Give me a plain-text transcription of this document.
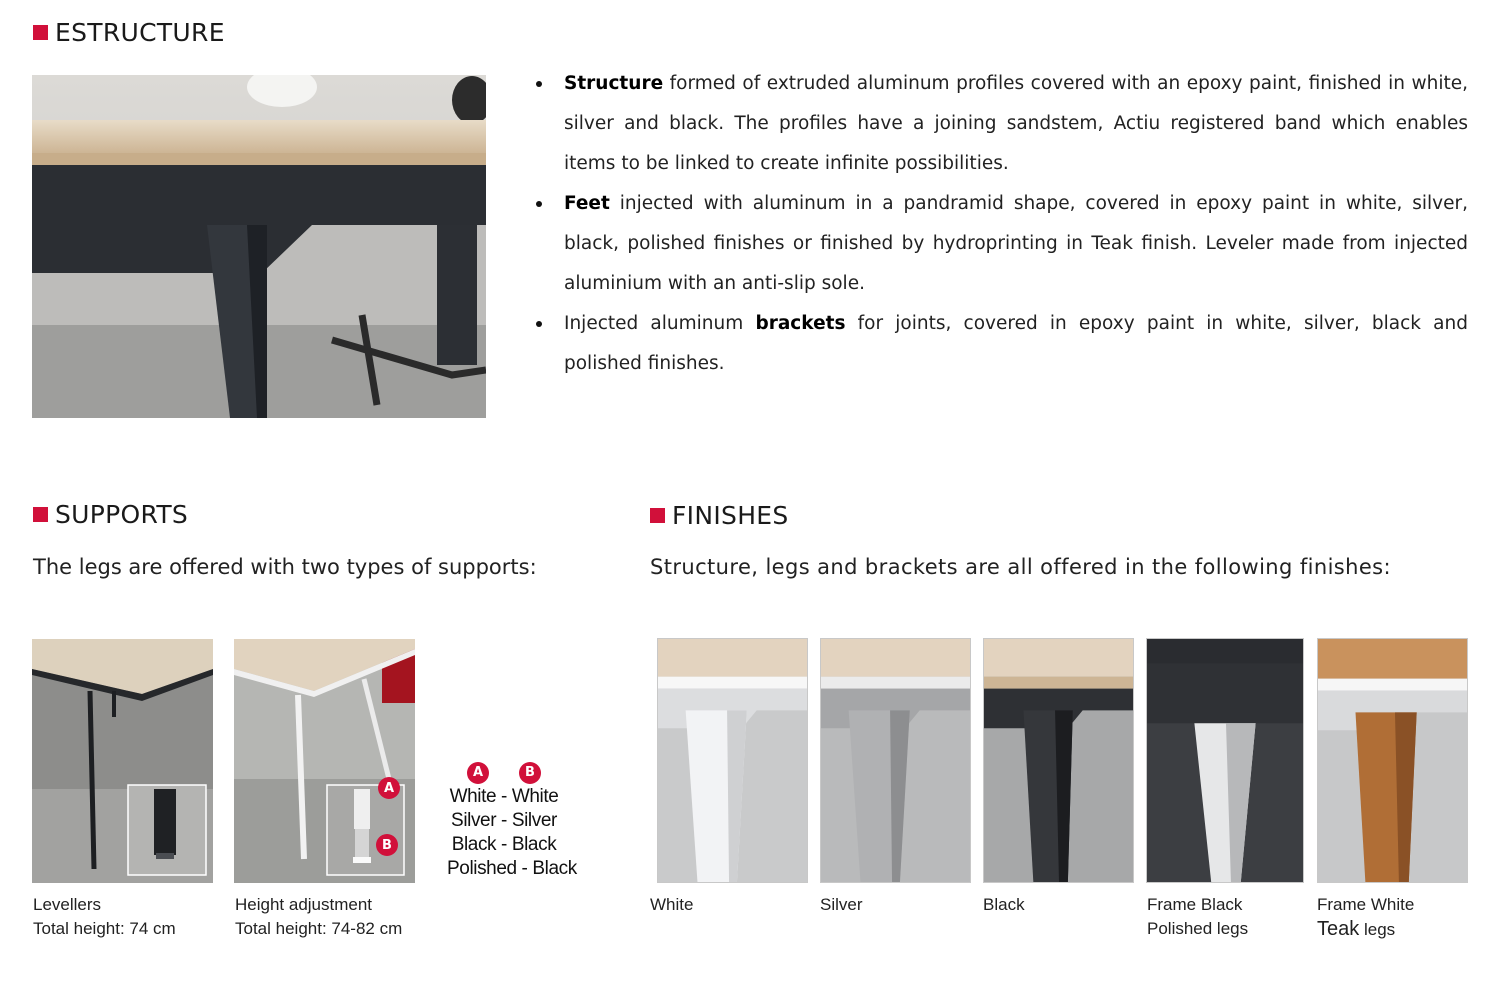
ESTRUCTURE
Structure formed of extruded aluminum profiles covered with an epoxy paint, finished in white, silver and black. The profiles have a joining sandstem, Actiu registered band which enables items to be linked to create infinite possibilities.
Feet injected with aluminum in a pandramid shape, covered in epoxy paint in white, silver, black, polished finishes or finished by hydroprinting in Teak finish. Leveler made from injected aluminium with an anti-slip sole.
Injected aluminum brackets for joints, covered in epoxy paint in white, silver, black and polished finishes.
SUPPORTS
The legs are offered with two types of supports:
Levellers
Total height: 74 cm
A
B
Height adjustment
Total height: 74-82 cm
A	B
White - White
Silver - Silver
Black - Black
Polished - Black
FINISHES
Structure, legs and brackets are all offered in the following finishes:
White	Silver	Black	Frame Black
Polished legs
Frame White
Teak legs
